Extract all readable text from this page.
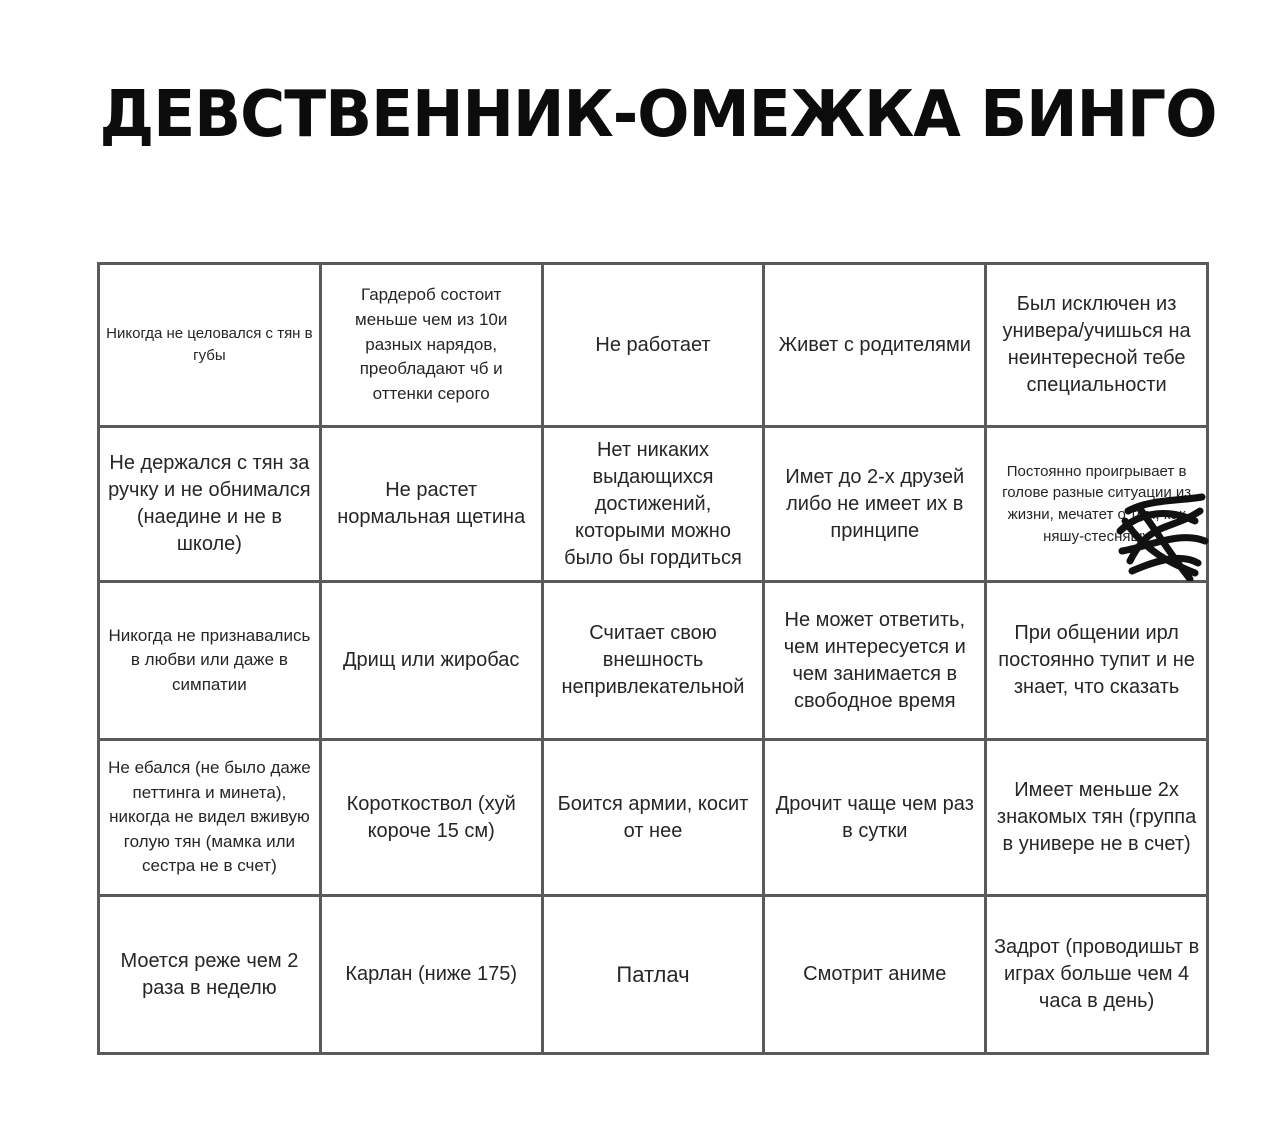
ДЕВСТВЕННИК-ОМЕЖКА БИНГО
Никогда не целовался с тян в губы	Гардероб состоит меньше чем из 10и разных нарядов, преобладают чб и оттенки серого	Не работает	Живет с родителями	Был исключен из универа/учишься на неинтересной тебе специальности
Не держался с тян за ручку и не обнимался (наедине и не в школе)	Не растет нормальная щетина	Нет никаких выдающихся достижений, которыми можно было бы гордиться	Имет до 2-х друзей либо не имеет их в принципе	Постоянно проигрывает в голове разные ситуации из жизни, мечатет о том, как няшу-стесняшу

Никогда не признавались в любви или даже в симпатии	Дрищ или жиробас	Считает свою внешность непривлекательной	Не может ответить, чем интересуется и чем занимается в свободное время	При общении ирл постоянно тупит и не знает, что сказать
Не ебался (не было даже петтинга и минета), никогда не видел вживую голую тян (мамка или сестра не в счет)	Короткоствол (хуй короче 15 см)	Боится армии, косит от нее	Дрочит чаще чем раз в сутки	Имеет меньше 2х знакомых тян (группа в универе не в счет)
Моется реже чем 2 раза в неделю	Карлан (ниже 175)	Патлач	Смотрит аниме	Задрот (проводишьт в играх больше чем 4 часа в день)
